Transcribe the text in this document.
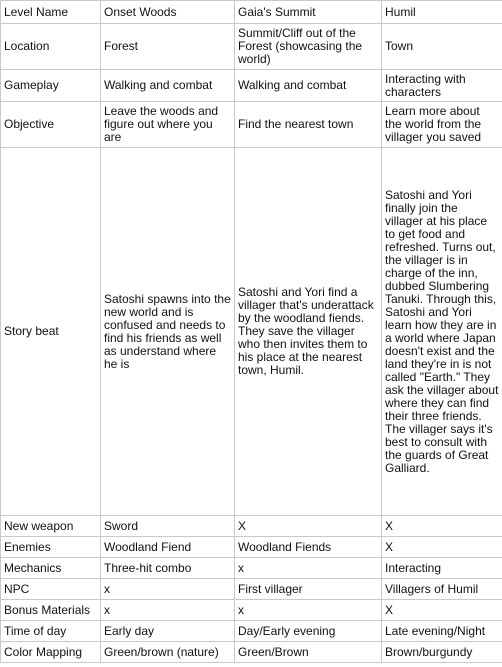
Level Name	Onset Woods	Gaia's Summit	Humil
Location	Forest	Summit/Cliff out of the Forest (showcasing the world)	Town
Gameplay	Walking and combat	Walking and combat	Interacting with characters
Objective	Leave the woods and figure out where you are	Find the nearest town	Learn more about the world from the villager you saved
Story beat	Satoshi spawns into the new world and is confused and needs to find his friends as well as understand where he is	Satoshi and Yori find a villager that's underattack by the woodland fiends. They save the villager who then invites them to his place at the nearest town, Humil.	Satoshi and Yori finally join the villager at his place to get food and refreshed. Turns out, the villager is in charge of the inn, dubbed Slumbering Tanuki. Through this, Satoshi and Yori learn how they are in a world where Japan doesn't exist and the land they're in is not called "Earth." They ask the villager about where they can find their three friends. The villager says it's best to consult with the guards of Great Galliard.
New weapon	Sword	X	X
Enemies	Woodland Fiend	Woodland Fiends	X
Mechanics	Three-hit combo	x	Interacting
NPC	x	First villager	Villagers of Humil
Bonus Materials	x	x	X
Time of day	Early day	Day/Early evening	Late evening/Night
Color Mapping	Green/brown (nature)	Green/Brown	Brown/burgundy
